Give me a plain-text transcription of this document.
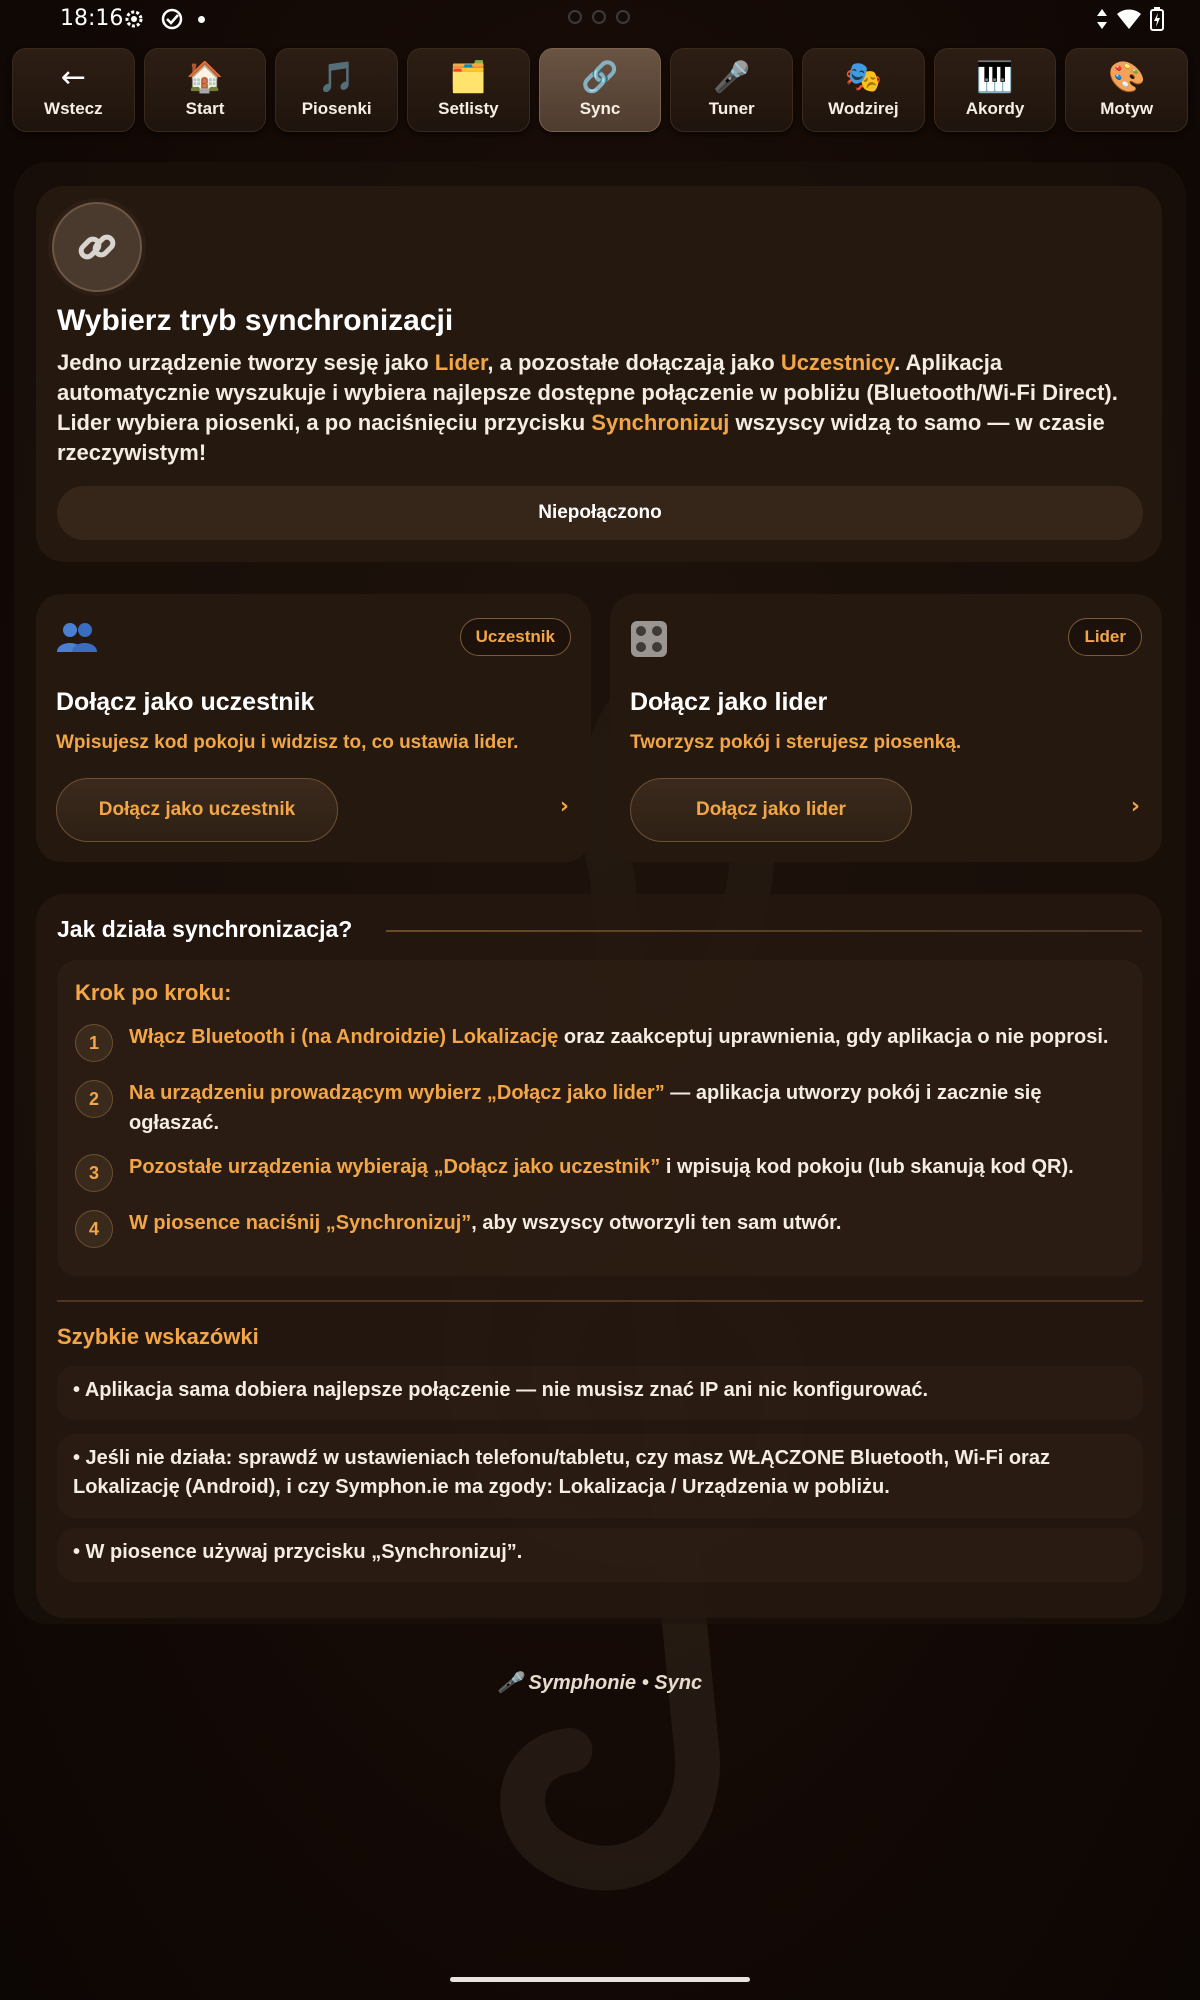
18:16
←
Wstecz
🏠
Start
🎵
Piosenki
🗂️
Setlisty
🔗
Sync
🎤
Tuner
🎭
Wodzirej
🎹
Akordy
🎨
Motyw
Wybierz tryb synchronizacji
Jedno urządzenie tworzy sesję jako Lider, a pozostałe dołączają jako Uczestnicy. Aplikacja automatycznie wyszukuje i wybiera najlepsze dostępne połączenie w pobliżu (Bluetooth/Wi‑Fi Direct). Lider wybiera piosenki, a po naciśnięciu przycisku Synchronizuj wszyscy widzą to samo — w czasie rzeczywistym!
Niepołączono
Uczestnik
Dołącz jako uczestnik
Wpisujesz kod pokoju i widzisz to, co ustawia lider.
Dołącz jako uczestnik	›
Lider
Dołącz jako lider
Tworzysz pokój i sterujesz piosenką.
Dołącz jako lider	›
Jak działa synchronizacja?
Krok po kroku:
1	Włącz Bluetooth i (na Androidzie) Lokalizację oraz zaakceptuj uprawnienia, gdy aplikacja o nie poprosi.
2	Na urządzeniu prowadzącym wybierz „Dołącz jako lider” — aplikacja utworzy pokój i zacznie się ogłaszać.
3	Pozostałe urządzenia wybierają „Dołącz jako uczestnik” i wpisują kod pokoju (lub skanują kod QR).
4	W piosence naciśnij „Synchronizuj”, aby wszyscy otworzyli ten sam utwór.
Szybkie wskazówki
• Aplikacja sama dobiera najlepsze połączenie — nie musisz znać IP ani nic konfigurować.
• Jeśli nie działa: sprawdź w ustawieniach telefonu/tabletu, czy masz WŁĄCZONE Bluetooth, Wi‑Fi oraz Lokalizację (Android), i czy Symphon.ie ma zgody: Lokalizacja / Urządzenia w pobliżu.
• W piosence używaj przycisku „Synchronizuj”.
🎤 Symphonie • Sync
